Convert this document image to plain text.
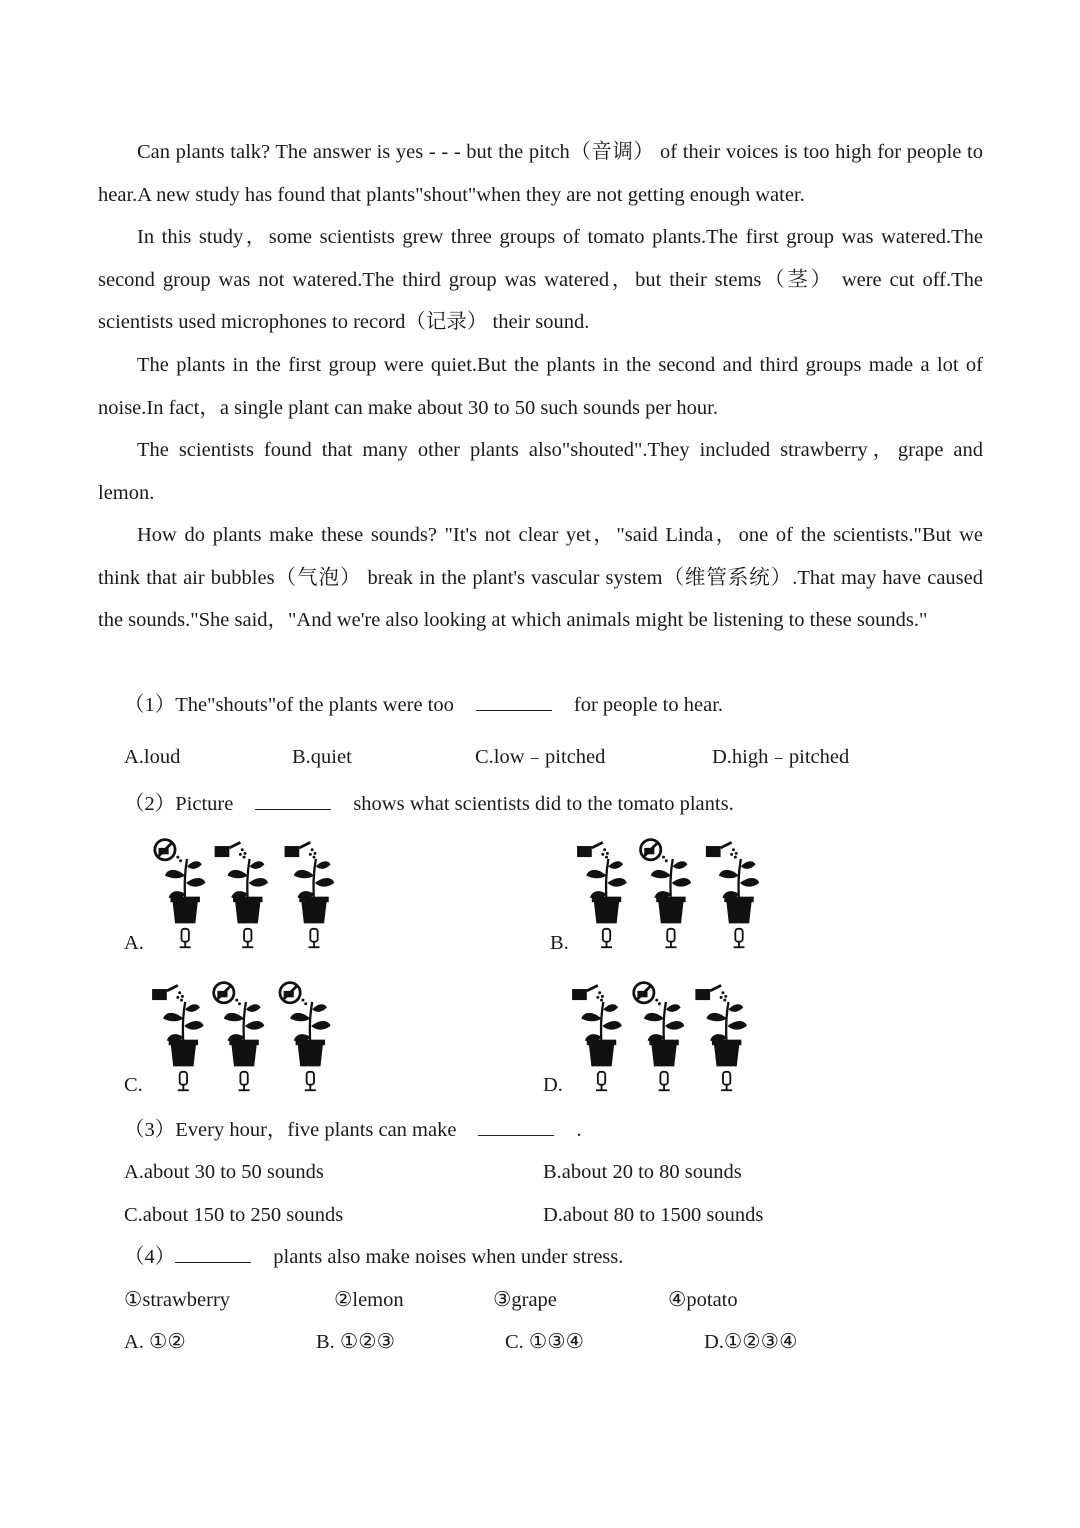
Can plants talk? The answer is yes - - - but the pitch（音调） of their voices is too high for people to hear.A new study has found that plants"shout"when they are not getting enough water.

In this study，some scientists grew three groups of tomato plants.The first group was watered.The second group was not watered.The third group was watered，but their stems（茎） were cut off.The scientists used microphones to record（记录） their sound.

The plants in the first group were quiet.But the plants in the second and third groups made a lot of noise.In fact，a single plant can make about 30 to 50 such sounds per hour.

The scientists found that many other plants also"shouted".They included strawberry，grape and lemon.

How do plants make these sounds? "It's not clear yet，"said Linda，one of the scientists."But we think that air bubbles（气泡） break in the plant's vascular system（维管系统）.That may have caused the sounds."She said，"And we're also looking at which animals might be listening to these sounds."

（1）The"shouts"of the plants were too	for people to hear.
A.loud	B.quiet	C.low﹣pitched	D.high﹣pitched
（2）Picture	shows what scientists did to the tomato plants.
A.	B.
C.	D.
（3）Every hour，five plants can make	.
A.about 30 to 50 sounds	B.about 20 to 80 sounds
C.about 150 to 250 sounds	D.about 80 to 1500 sounds
（4）	plants also make noises when under stress.
①strawberry	②lemon	③grape	④potato
A. ①②	B. ①②③	C. ①③④	D.①②③④
